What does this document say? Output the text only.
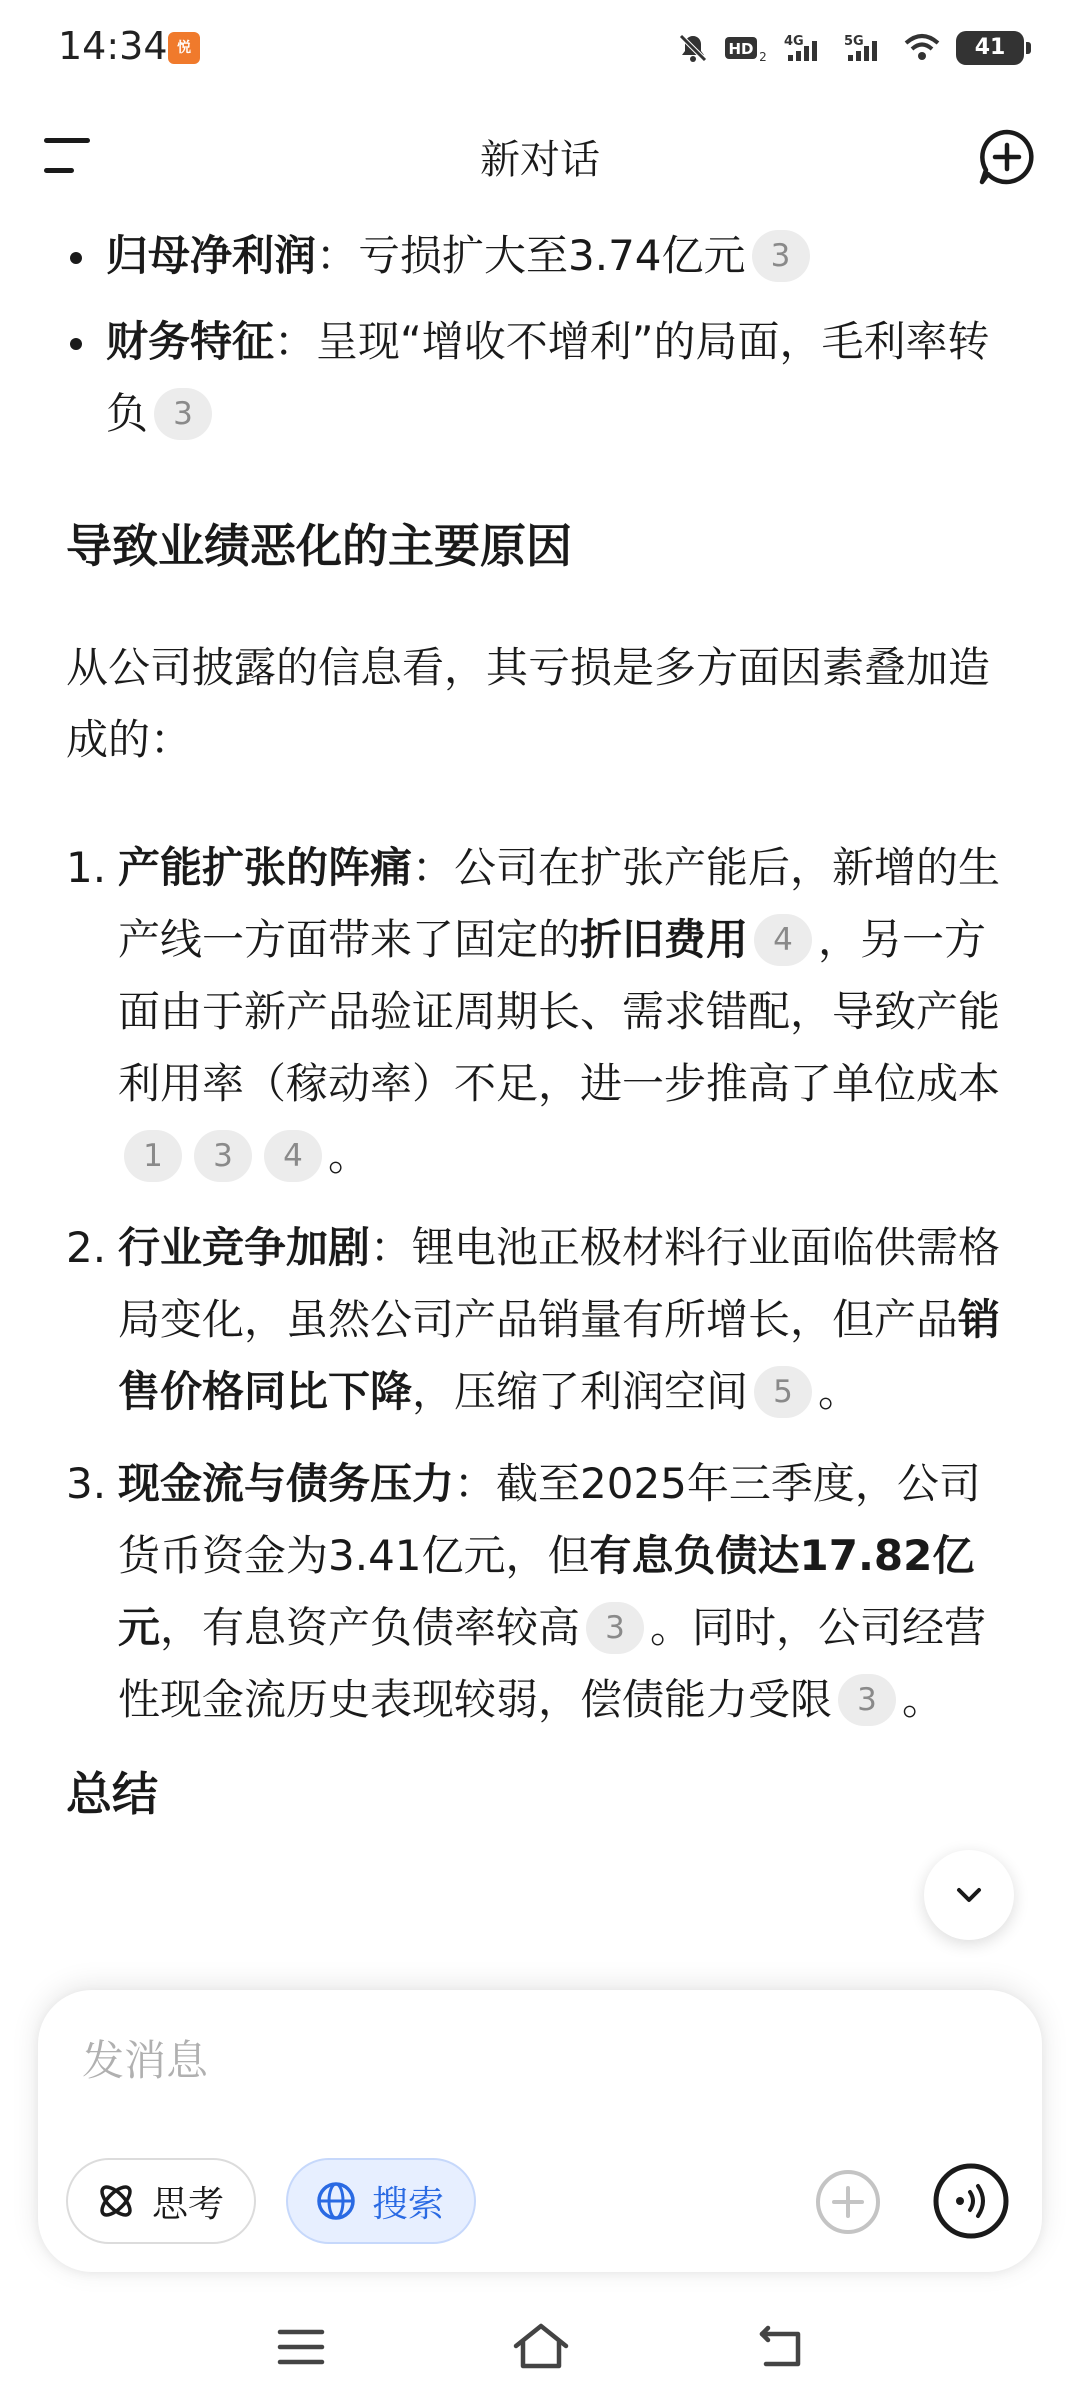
14:34 悦	HD 2
4G	5G	41
新对话
归母净利润：亏损扩大至3.74亿元 3
财务特征：呈现“增收不增利”的局面，毛利率转负 3
导致业绩恶化的主要原因
从公司披露的信息看，其亏损是多方面因素叠加造成的：
1. 产能扩张的阵痛：公司在扩张产能后，新增的生产线一方面带来了固定的折旧费用 4 ，另一方面由于新产品验证周期长、需求错配，导致产能利用率（稼动率）不足，进一步推高了单位成本1 3 4 。
2. 行业竞争加剧：锂电池正极材料行业面临供需格局变化，虽然公司产品销量有所增长，但产品销售价格同比下降，压缩了利润空间 5 。
3. 现金流与债务压力：截至2025年三季度，公司货币资金为3.41亿元，但有息负债达17.82亿元，有息资产负债率较高 3 。同时，公司经营性现金流历史表现较弱，偿债能力受限 3 。
总结
发消息
思考	搜索
